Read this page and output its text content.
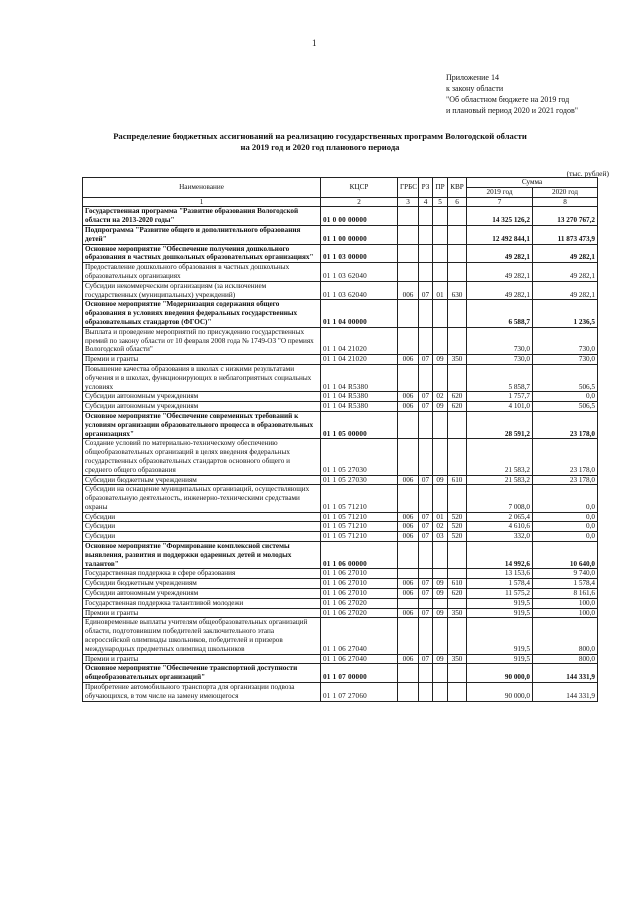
1
Приложение 14
к закону области
"Об областном бюджете на 2019 год
и плановый период 2020 и 2021 годов"
Распределение бюджетных ассигнований на реализацию государственных программ Вологодской области
на 2019 год и 2020 год планового периода
(тыс. рублей)
Наименование	КЦСР	ГРБС	РЗ	ПР	КВР	Сумма	
						2019 год	2020 год
1	2	3	4	5	6	7	8
Государственная программа "Развитие образования Вологодской области на 2013-2020 годы"	01 0 00 00000					14 325 126,2	13 270 767,2
Подпрограмма "Развитие общего и дополнительного образования детей"	01 1 00 00000					12 492 844,1	11 873 473,9
Основное мероприятие "Обеспечение получения дошкольного образования в частных дошкольных образовательных организациях"	01 1 03 00000					49 282,1	49 282,1
Предоставление дошкольного образования в частных дошкольных образовательных организациях	01 1 03 62040					49 282,1	49 282,1
Субсидии некоммерческим организациям (за исключением государственных (муниципальных) учреждений)	01 1 03 62040	006	07	01	630	49 282,1	49 282,1
Основное мероприятие "Модернизация содержания общего образования в условиях введения федеральных государственных образовательных стандартов (ФГОС)"	01 1 04 00000					6 588,7	1 236,5
Выплата и проведение мероприятий по присуждению государственных премий по закону области от 10 февраля 2008 года № 1749-ОЗ "О премиях Вологодской области"	01 1 04 21020					730,0	730,0
Премии и гранты	01 1 04 21020	006	07	09	350	730,0	730,0
Повышение качества образования в школах с низкими результатами обучения и в школах, функционирующих в неблагоприятных социальных условиях	01 1 04 R5380					5 858,7	506,5
Субсидии автономным учреждениям	01 1 04 R5380	006	07	02	620	1 757,7	0,0
Субсидии автономным учреждениям	01 1 04 R5380	006	07	09	620	4 101,0	506,5
Основное мероприятие "Обеспечение современных требований к условиям организации образовательного процесса в образовательных организациях"	01 1 05 00000					28 591,2	23 178,0
Создание условий по материально-техническому обеспечению общеобразовательных организаций в целях введения федеральных государственных образовательных стандартов основного общего и среднего общего образования	01 1 05 27030					21 583,2	23 178,0
Субсидии бюджетным учреждениям	01 1 05 27030	006	07	09	610	21 583,2	23 178,0
Субсидии на оснащение муниципальных организаций, осуществляющих образовательную деятельность, инженерно-техническими средствами охраны	01 1 05 71210					7 008,0	0,0
Субсидии	01 1 05 71210	006	07	01	520	2 065,4	0,0
Субсидии	01 1 05 71210	006	07	02	520	4 610,6	0,0
Субсидии	01 1 05 71210	006	07	03	520	332,0	0,0
Основное мероприятие "Формирование комплексной системы выявления, развития и поддержки одаренных детей и молодых талантов"	01 1 06 00000					14 992,6	10 640,0
Государственная поддержка в сфере образования	01 1 06 27010					13 153,6	9 740,0
Субсидии бюджетным учреждениям	01 1 06 27010	006	07	09	610	1 578,4	1 578,4
Субсидии автономным учреждениям	01 1 06 27010	006	07	09	620	11 575,2	8 161,6
Государственная поддержка талантливой молодежи	01 1 06 27020					919,5	100,0
Премии и гранты	01 1 06 27020	006	07	09	350	919,5	100,0
Единовременные выплаты учителям общеобразовательных организаций области, подготовившим победителей заключительного этапа всероссийской олимпиады школьников, победителей и призеров международных предметных олимпиад школьников	01 1 06 27040					919,5	800,0
Премии и гранты	01 1 06 27040	006	07	09	350	919,5	800,0
Основное мероприятие "Обеспечение транспортной доступности общеобразовательных организаций"	01 1 07 00000					90 000,0	144 331,9
Приобретение автомобильного транспорта для организации подвоза обучающихся, в том числе на замену имеющегося	01 1 07 27060					90 000,0	144 331,9
